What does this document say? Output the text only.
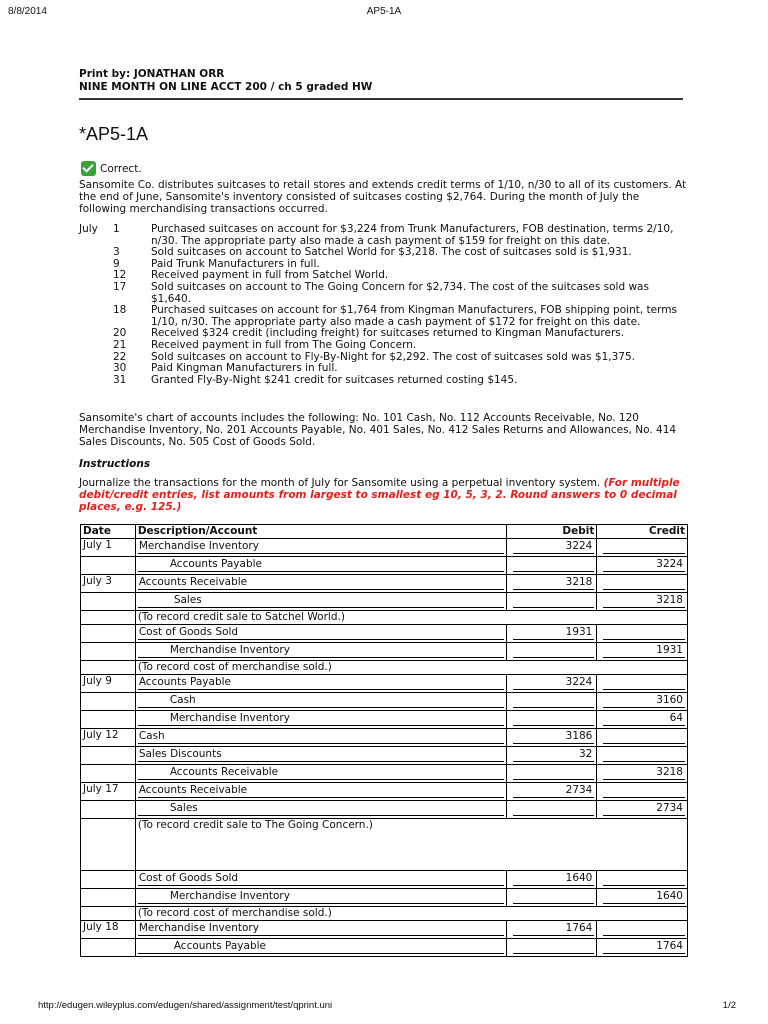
8/8/2014	AP5-1A
Print by: JONATHAN ORR
NINE MONTH ON LINE ACCT 200 / ch 5 graded HW
*AP5-1A
Correct.
Sansomite Co. distributes suitcases to retail stores and extends credit terms of 1/10, n/30 to all of its customers. At the end of June, Sansomite's inventory consisted of suitcases costing $2,764. During the month of July the following merchandising transactions occurred.
July	1	Purchased suitcases on account for $3,224 from Trunk Manufacturers, FOB destination, terms 2/10, n/30. The appropriate party also made a cash payment of $159 for freight on this date.
3	Sold suitcases on account to Satchel World for $3,218. The cost of suitcases sold is $1,931.
9	Paid Trunk Manufacturers in full.
12	Received payment in full from Satchel World.
17	Sold suitcases on account to The Going Concern for $2,734. The cost of the suitcases sold was $1,640.
18	Purchased suitcases on account for $1,764 from Kingman Manufacturers, FOB shipping point, terms 1/10, n/30. The appropriate party also made a cash payment of $172 for freight on this date.
20	Received $324 credit (including freight) for suitcases returned to Kingman Manufacturers.
21	Received payment in full from The Going Concern.
22	Sold suitcases on account to Fly-By-Night for $2,292. The cost of suitcases sold was $1,375.
30	Paid Kingman Manufacturers in full.
31	Granted Fly-By-Night $241 credit for suitcases returned costing $145.
Sansomite's chart of accounts includes the following: No. 101 Cash, No. 112 Accounts Receivable, No. 120 Merchandise Inventory, No. 201 Accounts Payable, No. 401 Sales, No. 412 Sales Returns and Allowances, No. 414 Sales Discounts, No. 505 Cost of Goods Sold.
Instructions
Journalize the transactions for the month of July for Sansomite using a perpetual inventory system. (For multiple debit/credit entries, list amounts from largest to smallest eg 10, 5, 3, 2. Round answers to 0 decimal places, e.g. 125.)
Date	Description/Account	Debit	Credit
July 1	Merchandise Inventory	3224	

	Accounts Payable		3224

July 3	Accounts Receivable	3218	

	Sales		3218

	(To record credit sale to Satchel World.)		

	Cost of Goods Sold	1931	

	Merchandise Inventory		1931

	(To record cost of merchandise sold.)		
July 9	Accounts Payable	3224	

	Cash		3160

	Merchandise Inventory		64

July 12	Cash	3186	

	Sales Discounts	32	

	Accounts Receivable		3218

July 17	Accounts Receivable	2734	

	Sales		2734

	(To record credit sale to The Going Concern.)		

	Cost of Goods Sold	1640	

	Merchandise Inventory		1640

	(To record cost of merchandise sold.)		
July 18	Merchandise Inventory	1764	

	Accounts Payable		1764
http://edugen.wileyplus.com/edugen/shared/assignment/test/qprint.uni	1/2
